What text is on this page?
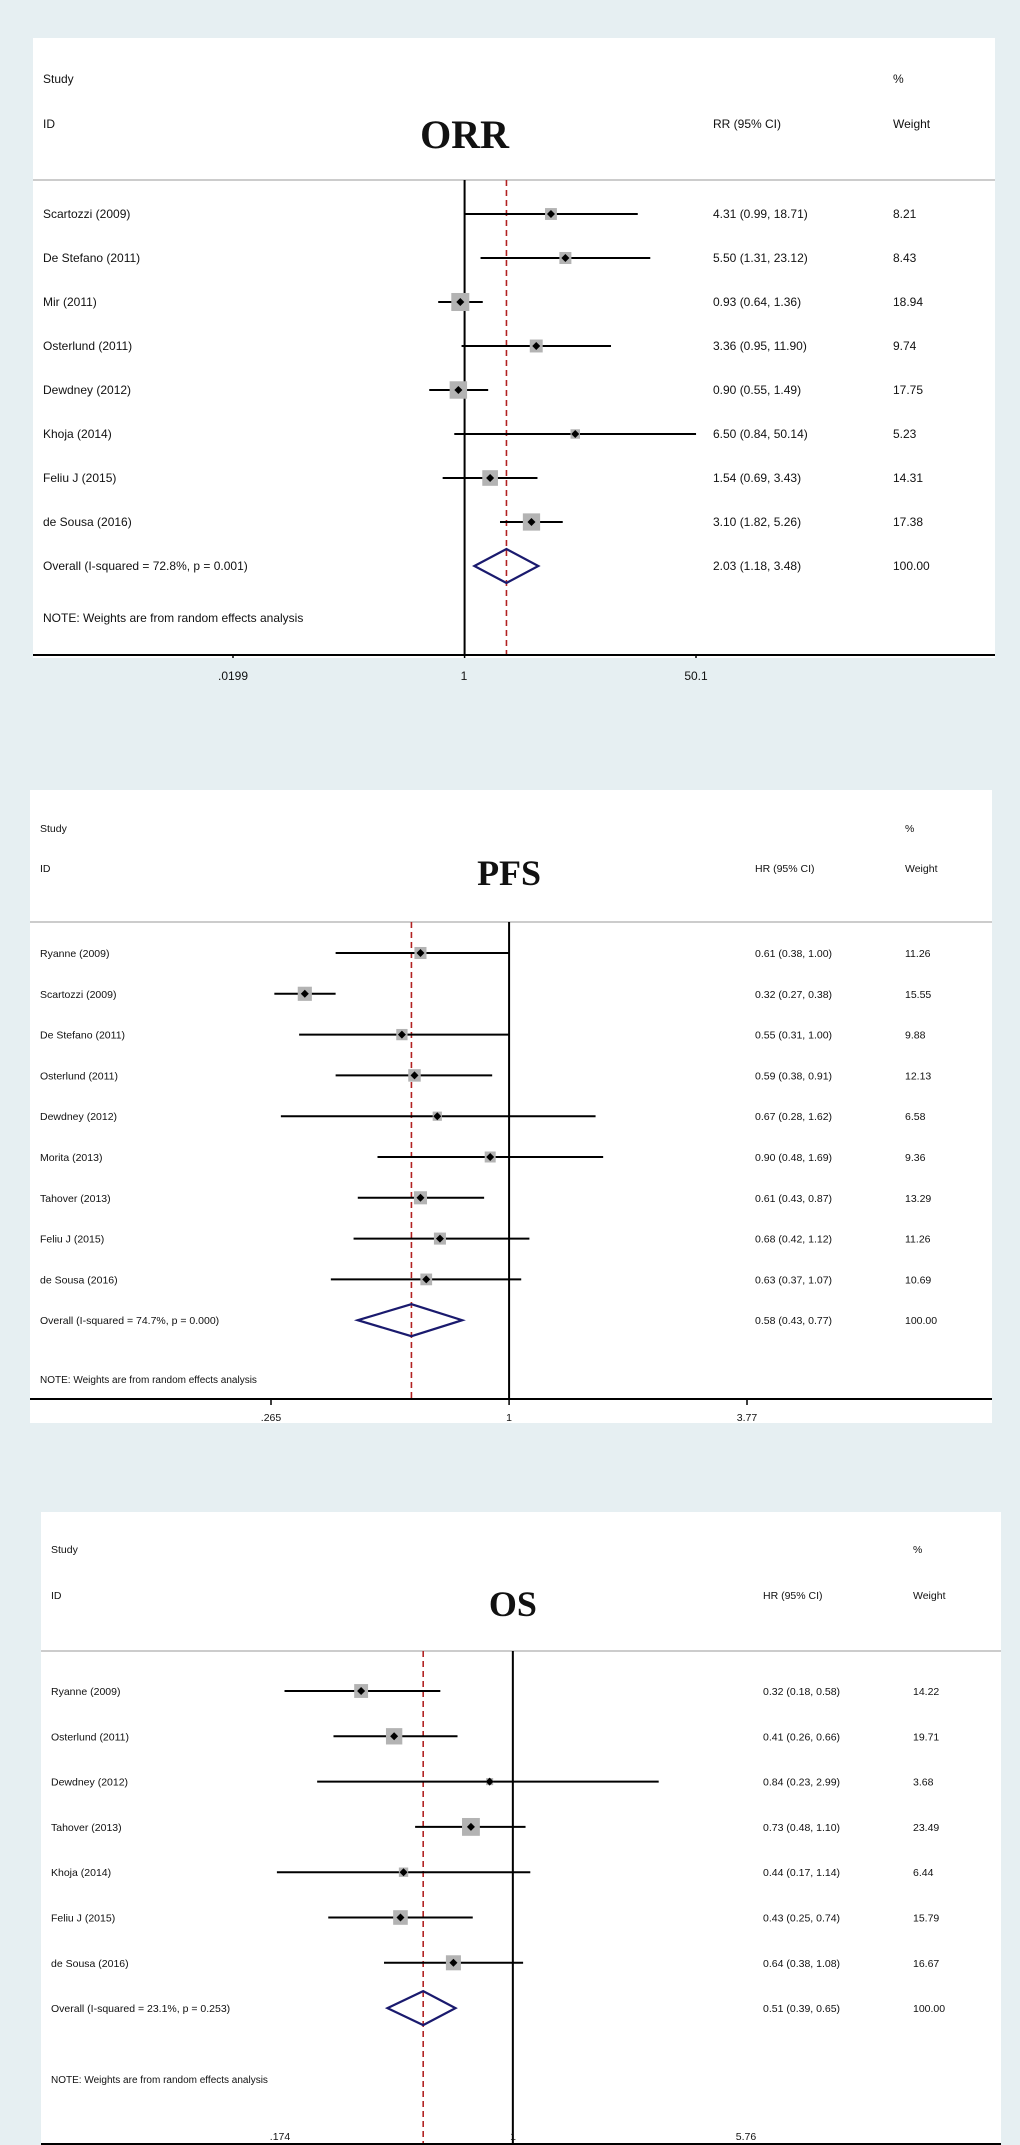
Study
ID
%
Weight
RR (95% CI)
ORR
Scartozzi (2009)	4.31 (0.99, 18.71)	8.21
De Stefano (2011)	5.50 (1.31, 23.12)	8.43
Mir (2011)	0.93 (0.64, 1.36)	18.94
Osterlund (2011)	3.36 (0.95, 11.90)	9.74
Dewdney (2012)	0.90 (0.55, 1.49)	17.75
Khoja (2014)	6.50 (0.84, 50.14)	5.23
Feliu J (2015)	1.54 (0.69, 3.43)	14.31
de Sousa (2016)	3.10 (1.82, 5.26)	17.38
Overall (I-squared = 72.8%, p = 0.001)	2.03 (1.18, 3.48)	100.00
NOTE: Weights are from random effects analysis
Study
ID
%
Weight
HR (95% CI)
PFS
Ryanne (2009)	0.61 (0.38, 1.00)	11.26
Scartozzi (2009)	0.32 (0.27, 0.38)	15.55
De Stefano (2011)	0.55 (0.31, 1.00)	9.88
Osterlund (2011)	0.59 (0.38, 0.91)	12.13
Dewdney (2012)	0.67 (0.28, 1.62)	6.58
Morita (2013)	0.90 (0.48, 1.69)	9.36
Tahover (2013)	0.61 (0.43, 0.87)	13.29
Feliu J (2015)	0.68 (0.42, 1.12)	11.26
de Sousa (2016)	0.63 (0.37, 1.07)	10.69
Overall (I-squared = 74.7%, p = 0.000)	0.58 (0.43, 0.77)	100.00
NOTE: Weights are from random effects analysis
Study
ID
%
Weight
HR (95% CI)
OS
Ryanne (2009)	0.32 (0.18, 0.58)	14.22
Osterlund (2011)	0.41 (0.26, 0.66)	19.71
Dewdney (2012)	0.84 (0.23, 2.99)	3.68
Tahover (2013)	0.73 (0.48, 1.10)	23.49
Khoja (2014)	0.44 (0.17, 1.14)	6.44
Feliu J (2015)	0.43 (0.25, 0.74)	15.79
de Sousa (2016)	0.64 (0.38, 1.08)	16.67
Overall (I-squared = 23.1%, p = 0.253)	0.51 (0.39, 0.65)	100.00
NOTE: Weights are from random effects analysis
.0199	1	50.1
.265	1	3.77
.174	1	5.76
